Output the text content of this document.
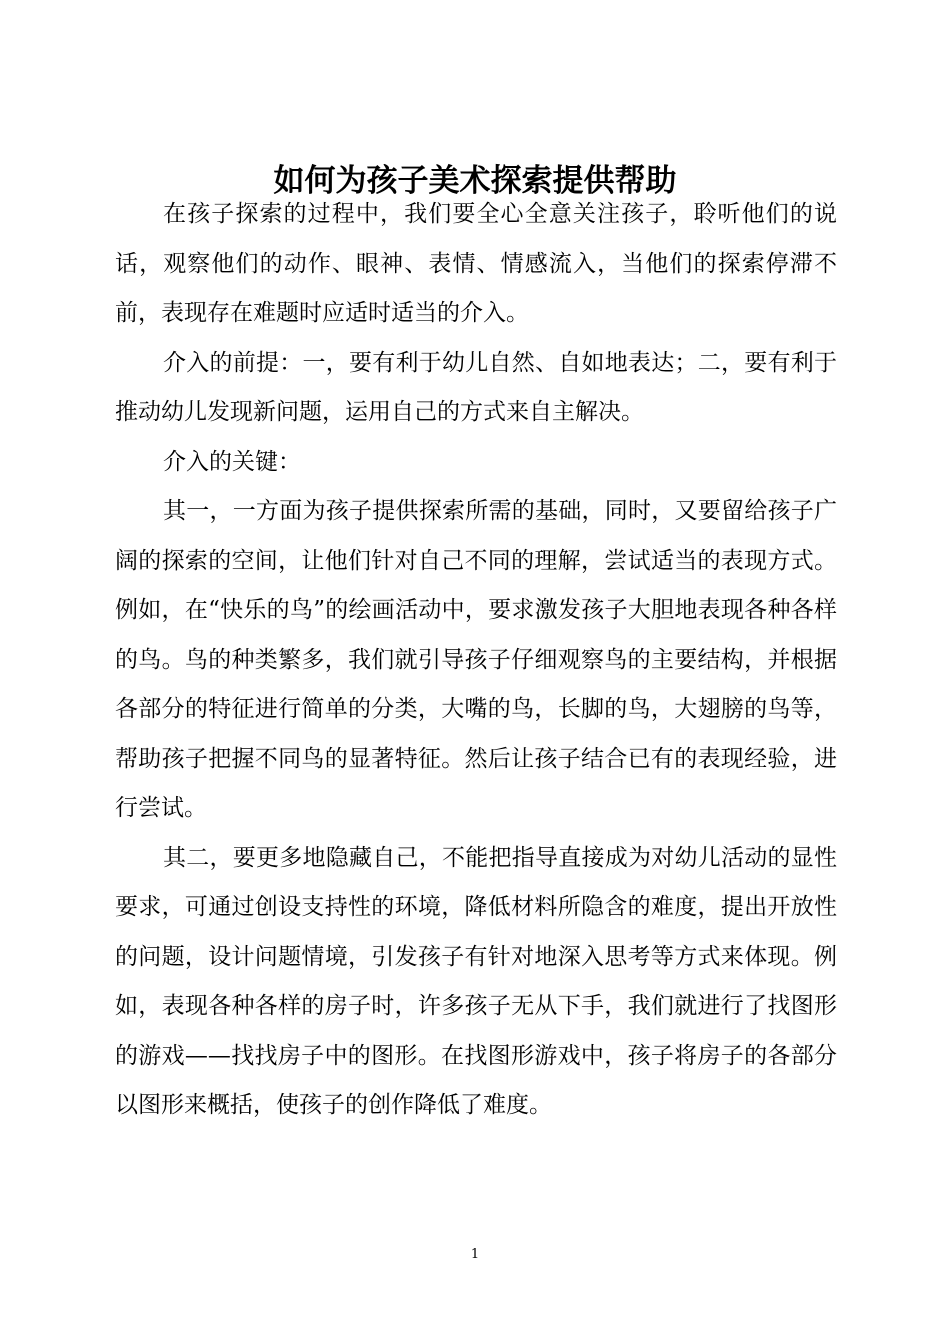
如何为孩子美术探索提供帮助

在孩子探索的过程中，我们要全心全意关注孩子，聆听他们的说话，观察他们的动作、眼神、表情、情感流入，当他们的探索停滞不前，表现存在难题时应适时适当的介入。

介入的前提：一，要有利于幼儿自然、自如地表达；二，要有利于推动幼儿发现新问题，运用自己的方式来自主解决。

介入的关键：

其一，一方面为孩子提供探索所需的基础，同时，又要留给孩子广阔的探索的空间，让他们针对自己不同的理解，尝试适当的表现方式。例如，在“快乐的鸟”的绘画活动中，要求激发孩子大胆地表现各种各样的鸟。鸟的种类繁多，我们就引导孩子仔细观察鸟的主要结构，并根据各部分的特征进行简单的分类，大嘴的鸟，长脚的鸟，大翅膀的鸟等，帮助孩子把握不同鸟的显著特征。然后让孩子结合已有的表现经验，进行尝试。

其二，要更多地隐藏自己，不能把指导直接成为对幼儿活动的显性要求，可通过创设支持性的环境，降低材料所隐含的难度，提出开放性的问题，设计问题情境，引发孩子有针对地深入思考等方式来体现。例如，表现各种各样的房子时，许多孩子无从下手，我们就进行了找图形的游戏——找找房子中的图形。在找图形游戏中，孩子将房子的各部分以图形来概括，使孩子的创作降低了难度。

1
